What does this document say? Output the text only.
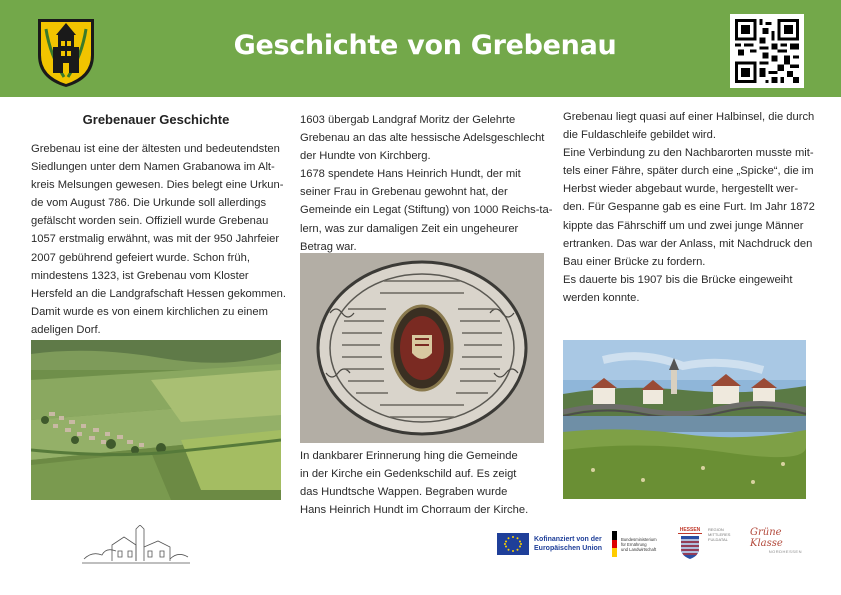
Geschichte von Grebenau
Grebenauer Geschichte
Grebenau ist eine der ältesten und bedeutendsten
Siedlungen unter dem Namen Grabanowa im Alt-
kreis Melsungen gewesen. Dies belegt eine Urkun-
de vom August 786. Die Urkunde soll allerdings
gefälscht worden sein. Offiziell wurde Grebenau
1057 erstmalig erwähnt, was mit der 950 Jahrfeier
2007 gebührend gefeiert wurde. Schon früh,
mindestens 1323, ist Grebenau vom Kloster
Hersfeld an die Landgrafschaft Hessen gekommen.
Damit wurde es von einem kirchlichen zu einem
adeligen Dorf.
1603 übergab Landgraf Moritz der Gelehrte
Grebenau an das alte hessische Adelsgeschlecht
der Hundte von Kirchberg.
1678 spendete Hans Heinrich Hundt, der mit
seiner Frau in Grebenau gewohnt hat, der
Gemeinde ein Legat (Stiftung) von 1000 Reichs-ta-
lern, was zur damaligen Zeit ein ungeheurer
Betrag war.
In dankbarer Erinnerung hing die Gemeinde
in der Kirche ein Gedenkschild auf. Es zeigt
das Hundtsche Wappen. Begraben wurde
Hans Heinrich Hundt im Chorraum der Kirche.
Grebenau liegt quasi auf einer Halbinsel, die durch
die Fuldaschleife gebildet wird.
Eine Verbindung zu den Nachbarorten musste mit-
tels einer Fähre, später durch eine „Spicke“, die im
Herbst wieder abgebaut wurde, hergestellt wer-
den. Für Gespanne gab es eine Furt. Im Jahr 1872
kippte das Fährschiff um und zwei junge Männer
ertranken. Das war der Anlass, mit Nachdruck den
Bau einer Brücke zu fordern.
Es dauerte bis 1907 bis die Brücke eingeweiht
werden konnte.
Kofinanziert von der
Europäischen Union
Bundesministerium
für Ernährung
und Landwirtschaft
HESSEN	REGION
MITTLERES
FULDATAL
Grüne Klasse
NORDHESSEN
